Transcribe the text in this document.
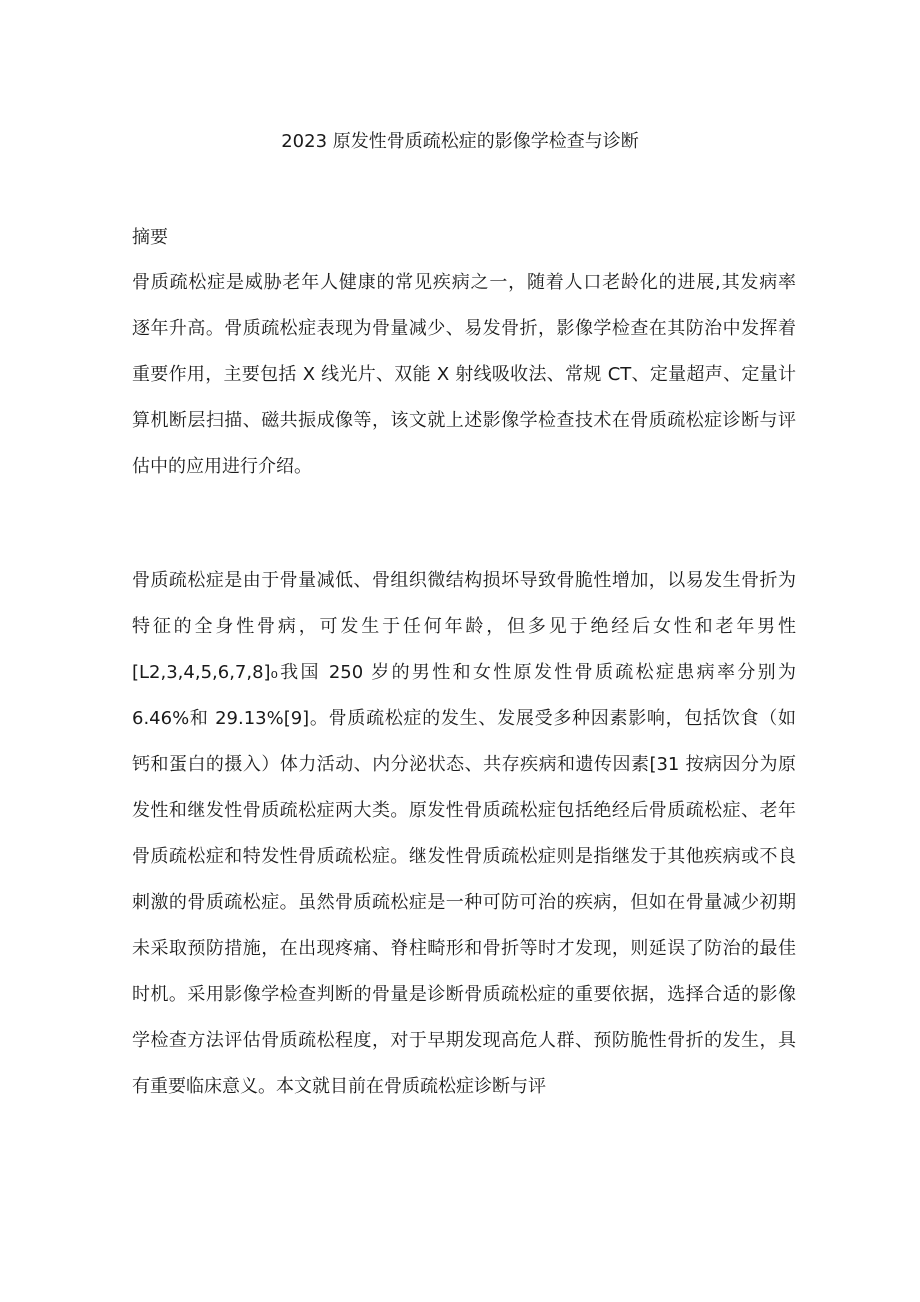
2023 原发性骨质疏松症的影像学检查与诊断
摘要
骨质疏松症是威胁老年人健康的常见疾病之一，随着人口老龄化的进展,其发病率
逐年升高。骨质疏松症表现为骨量减少、易发骨折，影像学检查在其防治中发挥着
重要作用，主要包括 X 线光片、双能 X 射线吸收法、常规 CT、定量超声、定量计
算机断层扫描、磁共振成像等，该文就上述影像学检查技术在骨质疏松症诊断与评
估中的应用进行介绍。
骨质疏松症是由于骨量减低、骨组织微结构损坏导致骨脆性增加，以易发生骨折为
特征的全身性骨病，可发生于任何年龄，但多见于绝经后女性和老年男性
[L2,3,4,5,6,7,8]₀我国 250 岁的男性和女性原发性骨质疏松症患病率分别为
6.46%和 29.13%[9]。骨质疏松症的发生、发展受多种因素影响，包括饮食（如
钙和蛋白的摄入）体力活动、内分泌状态、共存疾病和遗传因素[31 按病因分为原
发性和继发性骨质疏松症两大类。原发性骨质疏松症包括绝经后骨质疏松症、老年
骨质疏松症和特发性骨质疏松症。继发性骨质疏松症则是指继发于其他疾病或不良
刺激的骨质疏松症。虽然骨质疏松症是一种可防可治的疾病，但如在骨量减少初期
未采取预防措施，在出现疼痛、脊柱畸形和骨折等时才发现，则延误了防治的最佳
时机。采用影像学检查判断的骨量是诊断骨质疏松症的重要依据，选择合适的影像
学检查方法评估骨质疏松程度，对于早期发现高危人群、预防脆性骨折的发生，具
有重要临床意义。本文就目前在骨质疏松症诊断与评
